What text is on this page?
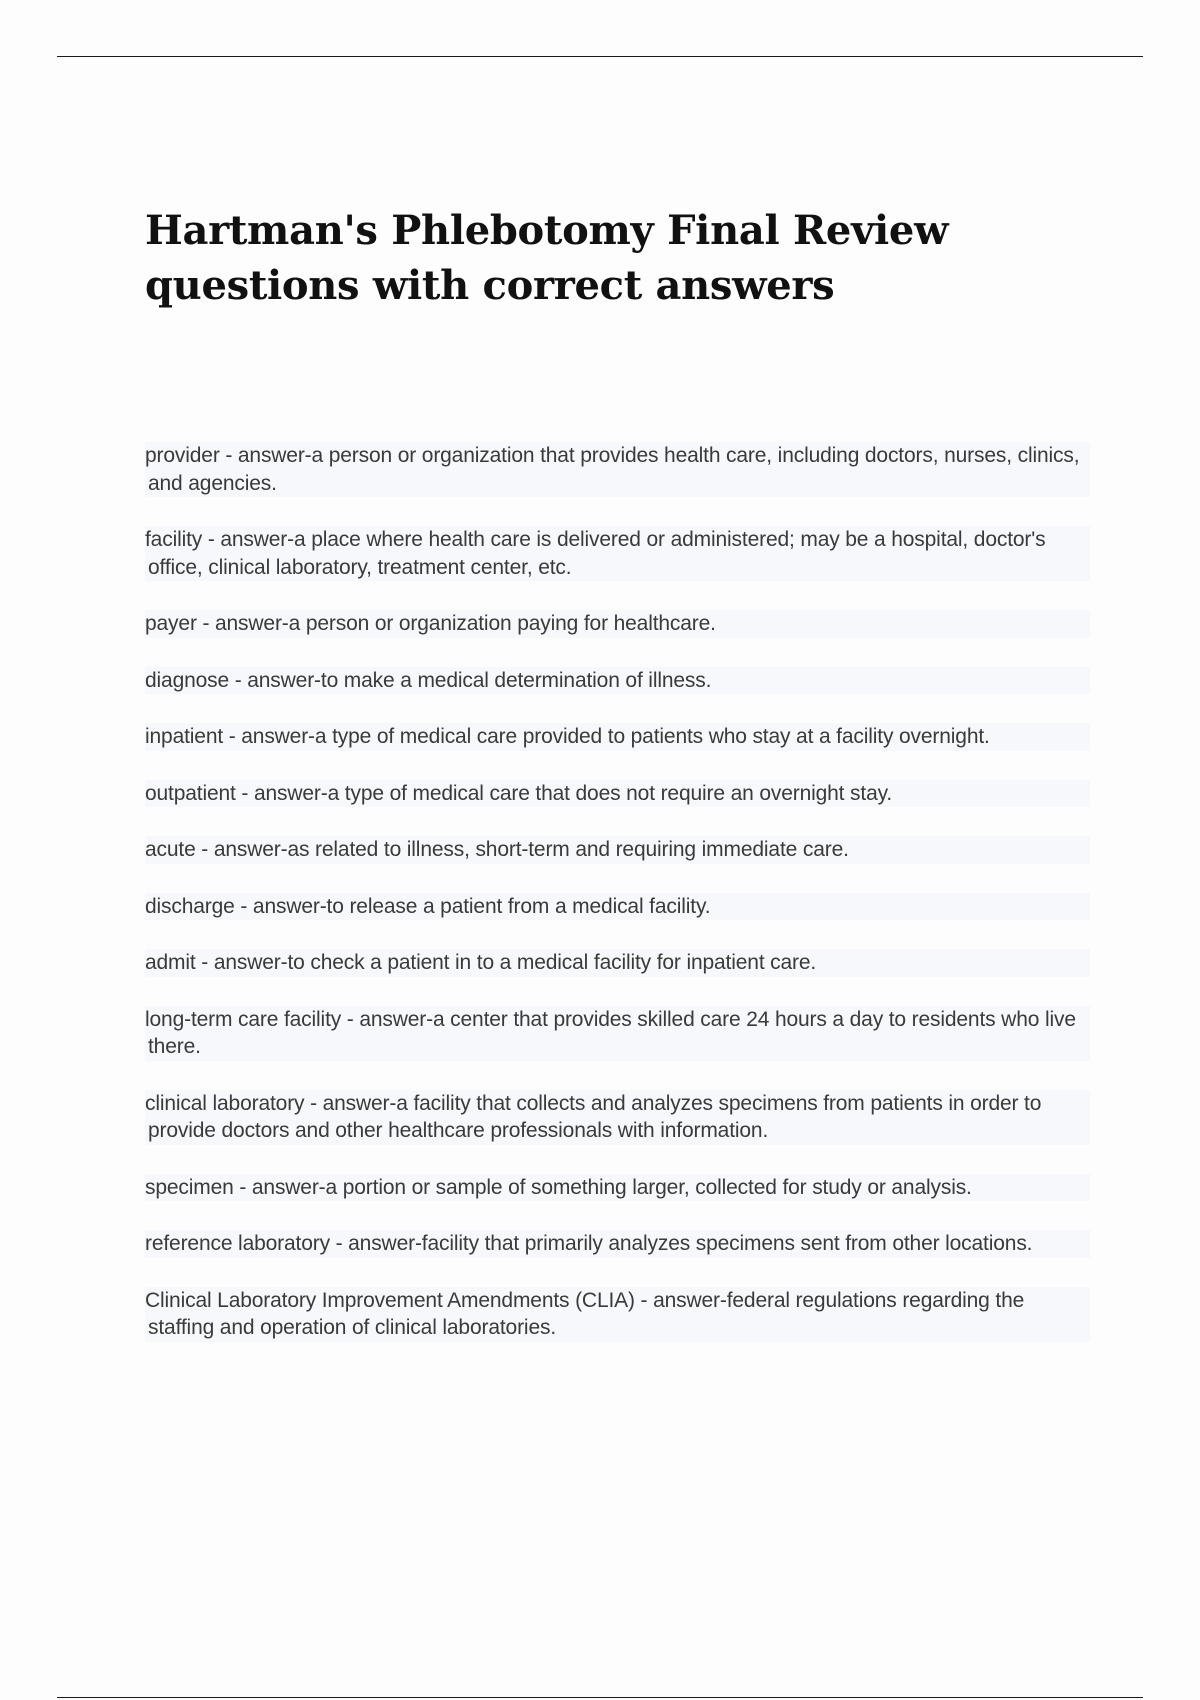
Hartman's Phlebotomy Final Review questions with correct answers
provider - answer-a person or organization that provides health care, including doctors, nurses, clinics, and agencies.
facility - answer-a place where health care is delivered or administered; may be a hospital, doctor's office, clinical laboratory, treatment center, etc.
payer - answer-a person or organization paying for healthcare.
diagnose - answer-to make a medical determination of illness.
inpatient - answer-a type of medical care provided to patients who stay at a facility overnight.
outpatient - answer-a type of medical care that does not require an overnight stay.
acute - answer-as related to illness, short-term and requiring immediate care.
discharge - answer-to release a patient from a medical facility.
admit - answer-to check a patient in to a medical facility for inpatient care.
long-term care facility - answer-a center that provides skilled care 24 hours a day to residents who live there.
clinical laboratory - answer-a facility that collects and analyzes specimens from patients in order to provide doctors and other healthcare professionals with information.
specimen - answer-a portion or sample of something larger, collected for study or analysis.
reference laboratory - answer-facility that primarily analyzes specimens sent from other locations.
Clinical Laboratory Improvement Amendments (CLIA) - answer-federal regulations regarding the staffing and operation of clinical laboratories.
